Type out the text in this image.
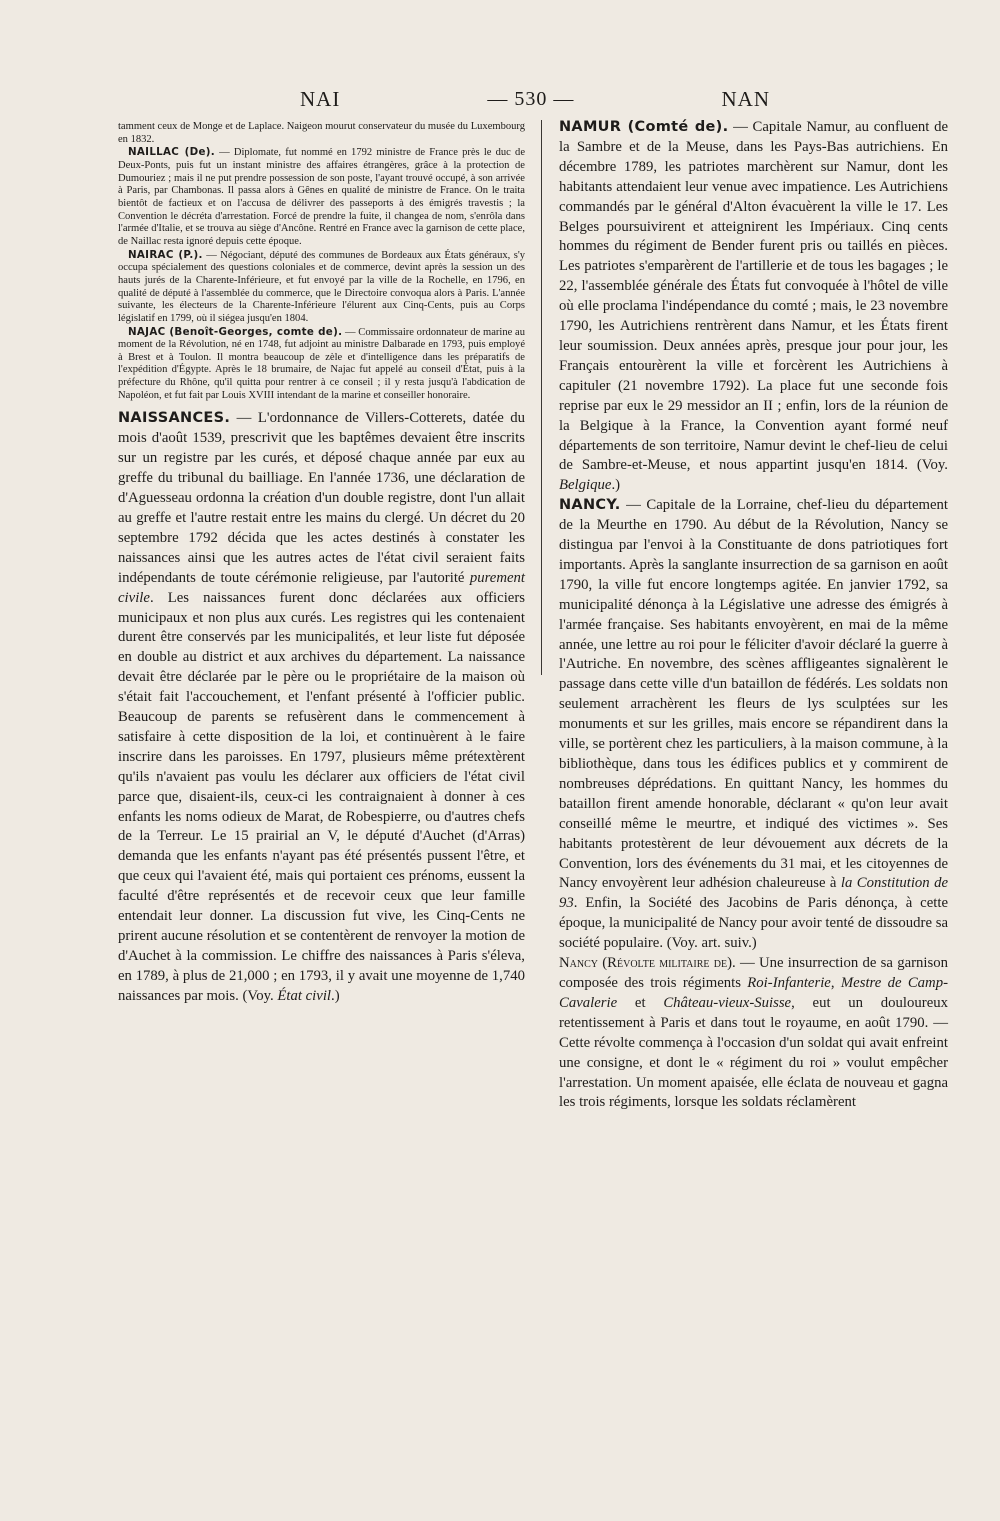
NAI	— 530 —	NAN

tamment ceux de Monge et de Laplace. Naigeon mourut conservateur du musée du Luxembourg en 1832.

NAILLAC (De). — Diplomate, fut nommé en 1792 ministre de France près le duc de Deux-Ponts, puis fut un instant ministre des affaires étrangères, grâce à la protection de Dumouriez ; mais il ne put prendre possession de son poste, l'ayant trouvé occupé, à son arrivée à Paris, par Chambonas. Il passa alors à Gênes en qualité de ministre de France. On le traita bientôt de factieux et on l'accusa de délivrer des passeports à des émigrés travestis ; la Convention le décréta d'arrestation. Forcé de prendre la fuite, il changea de nom, s'enrôla dans l'armée d'Italie, et se trouva au siège d'Ancône. Rentré en France avec la garnison de cette place, de Naillac resta ignoré depuis cette époque.

NAIRAC (P.). — Négociant, député des communes de Bordeaux aux États généraux, s'y occupa spécialement des questions coloniales et de commerce, devint après la session un des hauts jurés de la Charente-Inférieure, et fut envoyé par la ville de la Rochelle, en 1796, en qualité de député à l'assemblée du commerce, que le Directoire convoqua alors à Paris. L'année suivante, les électeurs de la Charente-Inférieure l'élurent aux Cinq-Cents, puis au Corps législatif en 1799, où il siégea jusqu'en 1804.

NAJAC (Benoît-Georges, comte de). — Commissaire ordonnateur de marine au moment de la Révolution, né en 1748, fut adjoint au ministre Dalbarade en 1793, puis employé à Brest et à Toulon. Il montra beaucoup de zèle et d'intelligence dans les préparatifs de l'expédition d'Égypte. Après le 18 brumaire, de Najac fut appelé au conseil d'État, puis à la préfecture du Rhône, qu'il quitta pour rentrer à ce conseil ; il y resta jusqu'à l'abdication de Napoléon, et fut fait par Louis XVIII intendant de la marine et conseiller honoraire.

NAISSANCES. — L'ordonnance de Villers-Cotterets, datée du mois d'août 1539, prescrivit que les baptêmes devaient être inscrits sur un registre par les curés, et déposé chaque année par eux au greffe du tribunal du bailliage. En l'année 1736, une déclaration de d'Aguesseau ordonna la création d'un double registre, dont l'un allait au greffe et l'autre restait entre les mains du clergé. Un décret du 20 septembre 1792 décida que les actes destinés à constater les naissances ainsi que les autres actes de l'état civil seraient faits indépendants de toute cérémonie religieuse, par l'autorité purement civile. Les naissances furent donc déclarées aux officiers municipaux et non plus aux curés. Les registres qui les contenaient durent être conservés par les municipalités, et leur liste fut déposée en double au district et aux archives du département. La naissance devait être déclarée par le père ou le propriétaire de la maison où s'était fait l'accouchement, et l'enfant présenté à l'officier public. Beaucoup de parents se refusèrent dans le commencement à satisfaire à cette disposition de la loi, et continuèrent à le faire inscrire dans les paroisses. En 1797, plusieurs même prétextèrent qu'ils n'avaient pas voulu les déclarer aux officiers de l'état civil parce que, disaient-ils, ceux-ci les contraignaient à donner à ces enfants les noms odieux de Marat, de Robespierre, ou d'autres chefs de la Terreur. Le 15 prairial an V, le député d'Auchet (d'Arras) demanda que les enfants n'ayant pas été présentés pussent l'être, et que ceux qui l'avaient été, mais qui portaient ces prénoms, eussent la faculté d'être représentés et de recevoir ceux que leur famille entendait leur donner. La discussion fut vive, les Cinq-Cents ne prirent aucune résolution et se contentèrent de renvoyer la motion de d'Auchet à la commission. Le chiffre des naissances à Paris s'éleva, en 1789, à plus de 21,000 ; en 1793, il y avait une moyenne de 1,740 naissances par mois. (Voy. État civil.)

NAMUR (Comté de). — Capitale Namur, au confluent de la Sambre et de la Meuse, dans les Pays-Bas autrichiens. En décembre 1789, les patriotes marchèrent sur Namur, dont les habitants attendaient leur venue avec impatience. Les Autrichiens commandés par le général d'Alton évacuèrent la ville le 17. Les Belges poursuivirent et atteignirent les Impériaux. Cinq cents hommes du régiment de Bender furent pris ou taillés en pièces. Les patriotes s'emparèrent de l'artillerie et de tous les bagages ; le 22, l'assemblée générale des États fut convoquée à l'hôtel de ville où elle proclama l'indépendance du comté ; mais, le 23 novembre 1790, les Autrichiens rentrèrent dans Namur, et les États firent leur soumission. Deux années après, presque jour pour jour, les Français entourèrent la ville et forcèrent les Autrichiens à capituler (21 novembre 1792). La place fut une seconde fois reprise par eux le 29 messidor an II ; enfin, lors de la réunion de la Belgique à la France, la Convention ayant formé neuf départements de son territoire, Namur devint le chef-lieu de celui de Sambre-et-Meuse, et nous appartint jusqu'en 1814. (Voy. Belgique.)

NANCY. — Capitale de la Lorraine, chef-lieu du département de la Meurthe en 1790. Au début de la Révolution, Nancy se distingua par l'envoi à la Constituante de dons patriotiques fort importants. Après la sanglante insurrection de sa garnison en août 1790, la ville fut encore longtemps agitée. En janvier 1792, sa municipalité dénonça à la Législative une adresse des émigrés à l'armée française. Ses habitants envoyèrent, en mai de la même année, une lettre au roi pour le féliciter d'avoir déclaré la guerre à l'Autriche. En novembre, des scènes affligeantes signalèrent le passage dans cette ville d'un bataillon de fédérés. Les soldats non seulement arrachèrent les fleurs de lys sculptées sur les monuments et sur les grilles, mais encore se répandirent dans la ville, se portèrent chez les particuliers, à la maison commune, à la bibliothèque, dans tous les édifices publics et y commirent de nombreuses déprédations. En quittant Nancy, les hommes du bataillon firent amende honorable, déclarant « qu'on leur avait conseillé même le meurtre, et indiqué des victimes ». Ses habitants protestèrent de leur dévouement aux décrets de la Convention, lors des événements du 31 mai, et les citoyennes de Nancy envoyèrent leur adhésion chaleureuse à la Constitution de 93. Enfin, la Société des Jacobins de Paris dénonça, à cette époque, la municipalité de Nancy pour avoir tenté de dissoudre sa société populaire. (Voy. art. suiv.)

Nancy (Révolte militaire de). — Une insurrection de sa garnison composée des trois régiments Roi-Infanterie, Mestre de Camp-Cavalerie et Château-vieux-Suisse, eut un douloureux retentissement à Paris et dans tout le royaume, en août 1790. — Cette révolte commença à l'occasion d'un soldat qui avait enfreint une consigne, et dont le « régiment du roi » voulut empêcher l'arrestation. Un moment apaisée, elle éclata de nouveau et gagna les trois régiments, lorsque les soldats réclamèrent
